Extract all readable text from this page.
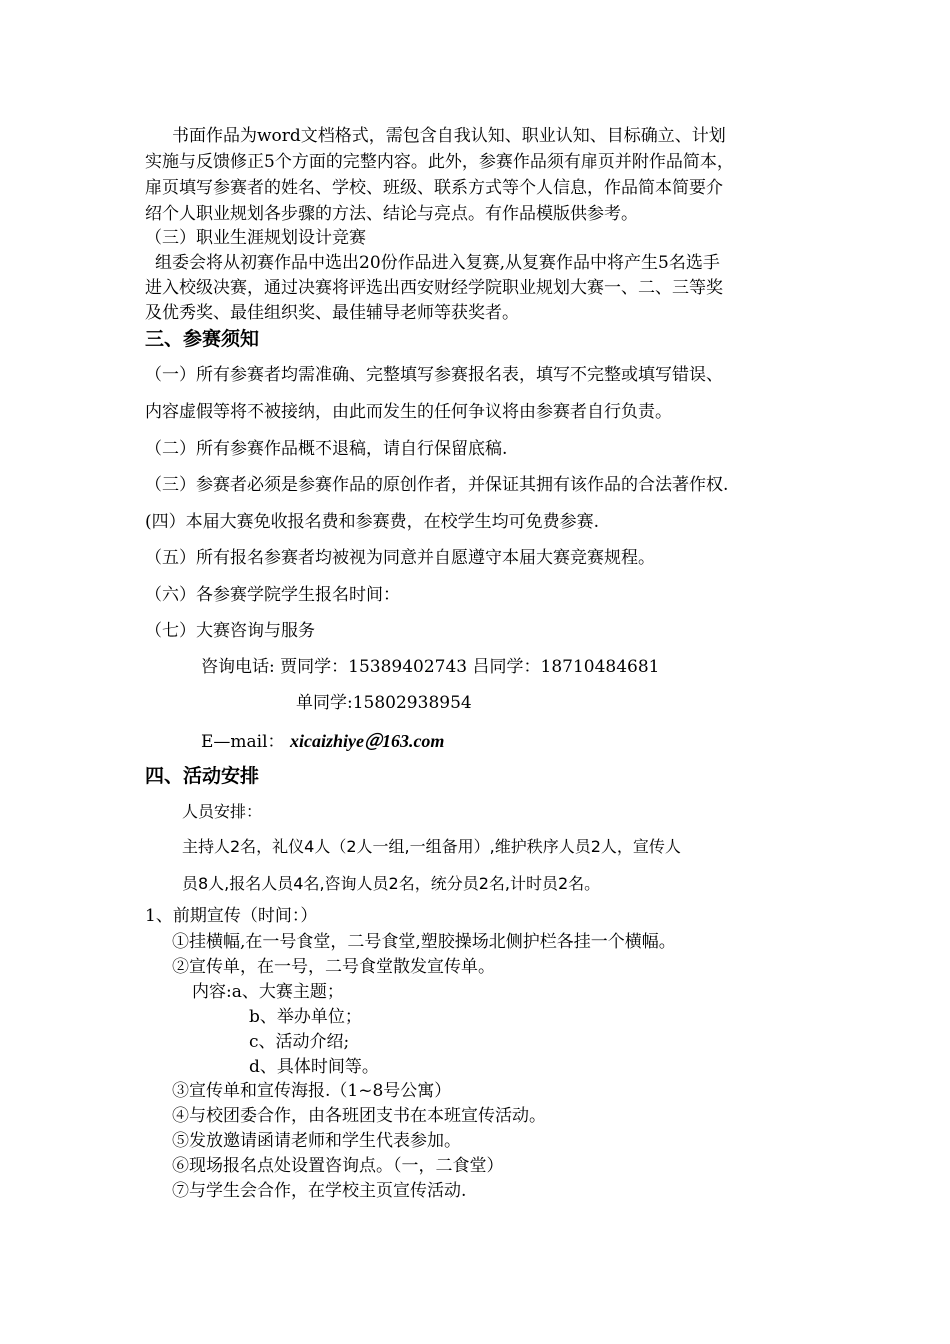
书面作品为word文档格式，需包含自我认知、职业认知、目标确立、计划
实施与反馈修正5个方面的完整内容。此外，参赛作品须有扉页并附作品简本，
扉页填写参赛者的姓名、学校、班级、联系方式等个人信息，作品简本简要介
绍个人职业规划各步骤的方法、结论与亮点。有作品模版供参考。
（三）职业生涯规划设计竞赛
组委会将从初赛作品中选出20份作品进入复赛,从复赛作品中将产生5名选手
进入校级决赛，通过决赛将评选出西安财经学院职业规划大赛一、二、三等奖
及优秀奖、最佳组织奖、最佳辅导老师等获奖者。
三、参赛须知
（一）所有参赛者均需准确、完整填写参赛报名表，填写不完整或填写错误、
内容虚假等将不被接纳，由此而发生的任何争议将由参赛者自行负责。
（二）所有参赛作品概不退稿，请自行保留底稿.
（三）参赛者必须是参赛作品的原创作者，并保证其拥有该作品的合法著作权.
(四）本届大赛免收报名费和参赛费，在校学生均可免费参赛.
（五）所有报名参赛者均被视为同意并自愿遵守本届大赛竞赛规程。
（六）各参赛学院学生报名时间：
（七）大赛咨询与服务
咨询电话: 贾同学：15389402743 吕同学：18710484681
单同学:15802938954
E—mail： xicaizhiye＠163.com
四、活动安排
人员安排：
主持人2名，礼仪4人（2人一组,一组备用）,维护秩序人员2人，宣传人
员8人,报名人员4名,咨询人员2名，统分员2名,计时员2名。
1、前期宣传（时间：）
①挂横幅,在一号食堂，二号食堂,塑胶操场北侧护栏各挂一个横幅。
②宣传单，在一号，二号食堂散发宣传单。
内容:a、大赛主题；
b、举办单位；
c、活动介绍;
d、具体时间等。
③宣传单和宣传海报.（1~8号公寓）
④与校团委合作，由各班团支书在本班宣传活动。
⑤发放邀请函请老师和学生代表参加。
⑥现场报名点处设置咨询点。（一，二食堂）
⑦与学生会合作，在学校主页宣传活动.
